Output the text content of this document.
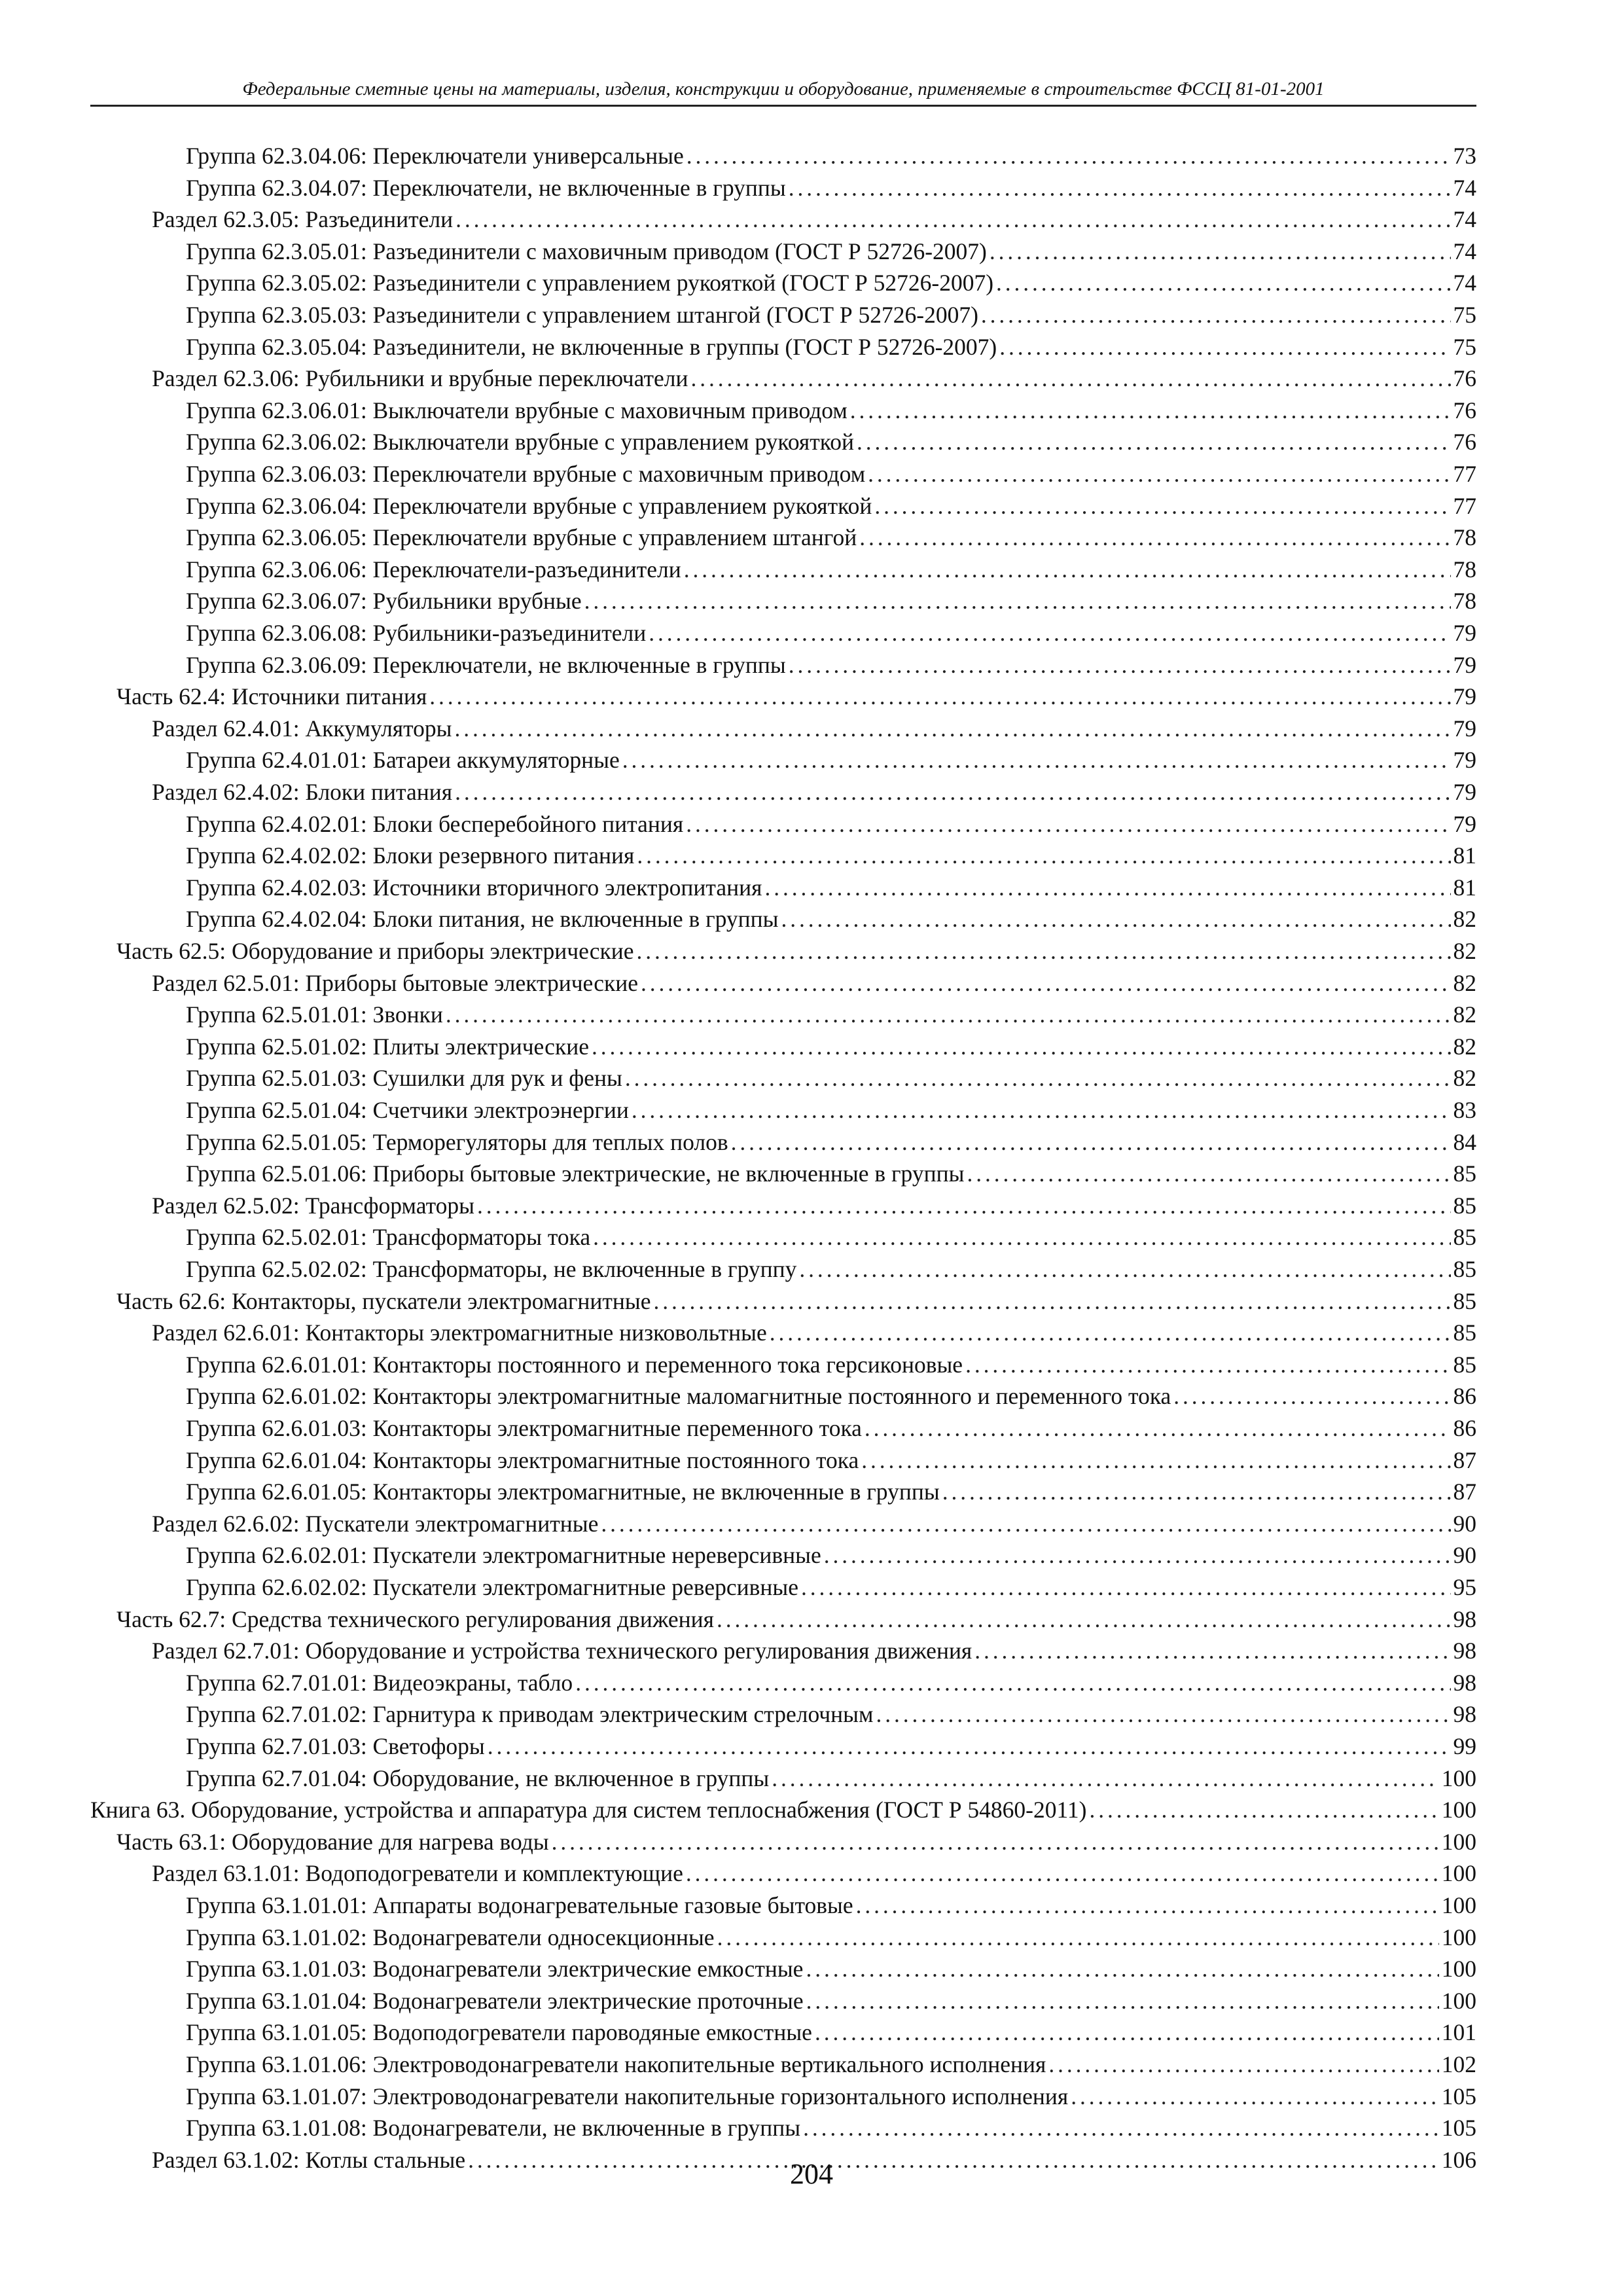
Федеральные сметные цены на материалы, изделия, конструкции и оборудование, применяемые в строительстве ФССЦ 81-01-2001
Группа 62.3.04.06: Переключатели универсальные . . .	73
Группа 62.3.04.07: Переключатели, не включенные в группы . . .	74
Раздел 62.3.05: Разъединители . . .	74
Группа 62.3.05.01: Разъединители с маховичным приводом (ГОСТ Р 52726-2007) . . .	74
Группа 62.3.05.02: Разъединители с управлением рукояткой (ГОСТ Р 52726-2007) . . .	74
Группа 62.3.05.03: Разъединители с управлением штангой (ГОСТ Р 52726-2007) . . .	75
Группа 62.3.05.04: Разъединители, не включенные в группы (ГОСТ Р 52726-2007) . . .	75
Раздел 62.3.06: Рубильники и врубные переключатели . . .	76
Группа 62.3.06.01: Выключатели врубные с маховичным приводом . . .	76
Группа 62.3.06.02: Выключатели врубные с управлением рукояткой . . .	76
Группа 62.3.06.03: Переключатели врубные с маховичным приводом . . .	77
Группа 62.3.06.04: Переключатели врубные с управлением рукояткой . . .	77
Группа 62.3.06.05: Переключатели врубные с управлением штангой . . .	78
Группа 62.3.06.06: Переключатели-разъединители . . .	78
Группа 62.3.06.07: Рубильники врубные . . .	78
Группа 62.3.06.08: Рубильники-разъединители . . .	79
Группа 62.3.06.09: Переключатели, не включенные в группы . . .	79
Часть 62.4: Источники питания . . .	79
Раздел 62.4.01: Аккумуляторы . . .	79
Группа 62.4.01.01: Батареи аккумуляторные . . .	79
Раздел 62.4.02: Блоки питания . . .	79
Группа 62.4.02.01: Блоки бесперебойного питания . . .	79
Группа 62.4.02.02: Блоки резервного питания . . .	81
Группа 62.4.02.03: Источники вторичного электропитания . . .	81
Группа 62.4.02.04: Блоки питания, не включенные в группы . . .	82
Часть 62.5: Оборудование и приборы электрические . . .	82
Раздел 62.5.01: Приборы бытовые электрические . . .	82
Группа 62.5.01.01: Звонки . . .	82
Группа 62.5.01.02: Плиты электрические . . .	82
Группа 62.5.01.03: Сушилки для рук и фены . . .	82
Группа 62.5.01.04: Счетчики электроэнергии . . .	83
Группа 62.5.01.05: Терморегуляторы для теплых полов . . .	84
Группа 62.5.01.06: Приборы бытовые электрические, не включенные в группы . . .	85
Раздел 62.5.02: Трансформаторы . . .	85
Группа 62.5.02.01: Трансформаторы тока . . .	85
Группа 62.5.02.02: Трансформаторы, не включенные в группу . . .	85
Часть 62.6: Контакторы, пускатели электромагнитные . . .	85
Раздел 62.6.01: Контакторы электромагнитные низковольтные . . .	85
Группа 62.6.01.01: Контакторы постоянного и переменного тока герсиконовые . . .	85
Группа 62.6.01.02: Контакторы электромагнитные маломагнитные постоянного и переменного тока . . .	86
Группа 62.6.01.03: Контакторы электромагнитные переменного тока . . .	86
Группа 62.6.01.04: Контакторы электромагнитные постоянного тока . . .	87
Группа 62.6.01.05: Контакторы электромагнитные, не включенные в группы . . .	87
Раздел 62.6.02: Пускатели электромагнитные . . .	90
Группа 62.6.02.01: Пускатели электромагнитные нереверсивные . . .	90
Группа 62.6.02.02: Пускатели электромагнитные реверсивные . . .	95
Часть 62.7: Средства технического регулирования движения . . .	98
Раздел 62.7.01: Оборудование и устройства технического регулирования движения . . .	98
Группа 62.7.01.01: Видеоэкраны, табло . . .	98
Группа 62.7.01.02: Гарнитура к приводам электрическим стрелочным . . .	98
Группа 62.7.01.03: Светофоры . . .	99
Группа 62.7.01.04: Оборудование, не включенное в группы . . .	100
Книга 63. Оборудование, устройства и аппаратура для систем теплоснабжения (ГОСТ Р 54860-2011) . . .	100
Часть 63.1: Оборудование для нагрева воды . . .	100
Раздел 63.1.01: Водоподогреватели и комплектующие . . .	100
Группа 63.1.01.01: Аппараты водонагревательные газовые бытовые . . .	100
Группа 63.1.01.02: Водонагреватели односекционные . . .	100
Группа 63.1.01.03: Водонагреватели электрические емкостные . . .	100
Группа 63.1.01.04: Водонагреватели электрические проточные . . .	100
Группа 63.1.01.05: Водоподогреватели пароводяные емкостные . . .	101
Группа 63.1.01.06: Электроводонагреватели накопительные вертикального исполнения . . .	102
Группа 63.1.01.07: Электроводонагреватели накопительные горизонтального исполнения . . .	105
Группа 63.1.01.08: Водонагреватели, не включенные в группы . . .	105
Раздел 63.1.02: Котлы стальные . . .	106
204
